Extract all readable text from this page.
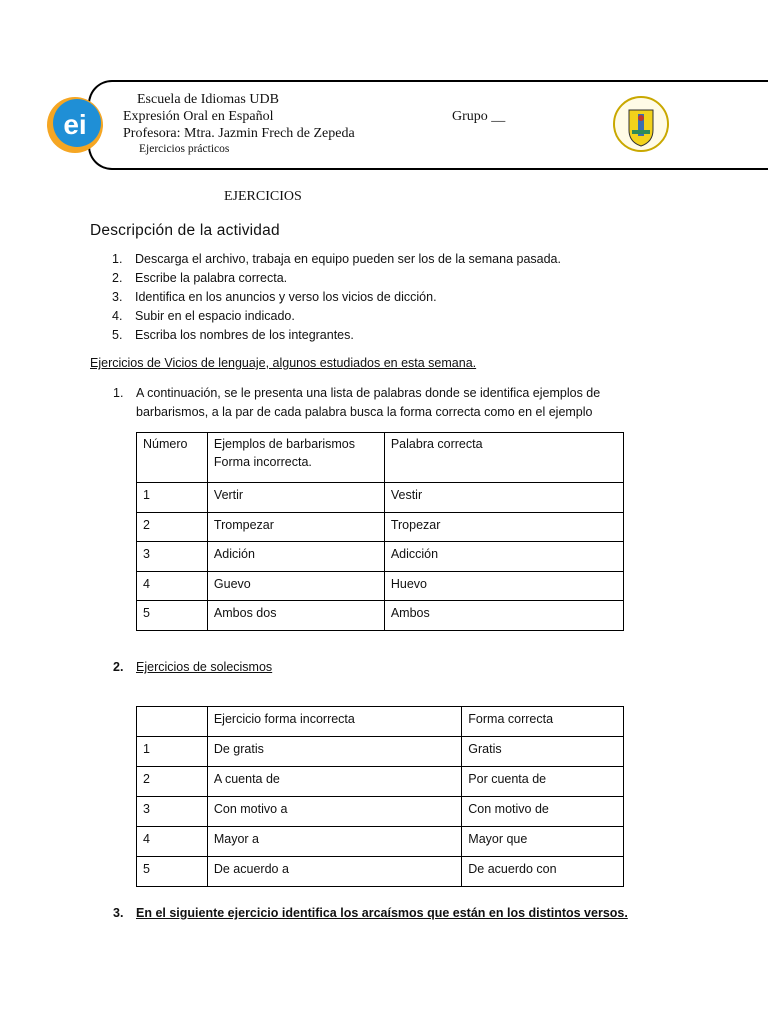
ei
Escuela de Idiomas UDB
Expresión Oral en Español
Profesora: Mtra. Jazmin Frech de Zepeda
Ejercicios prácticos
Grupo __
EJERCICIOS
Descripción de la actividad
1. Descarga el archivo, trabaja en equipo pueden ser los de la semana pasada.
2. Escribe la palabra correcta.
3. Identifica en los anuncios y verso los vicios de dicción.
4. Subir en el espacio indicado.
5. Escriba los nombres de los integrantes.
Ejercicios de Vicios de lenguaje, algunos estudiados en esta semana.
1. A continuación, se le presenta una lista de palabras donde se identifica ejemplos de barbarismos, a la par de cada palabra busca la forma correcta como en el ejemplo
Número	Ejemplos de barbarismos Forma incorrecta.	Palabra correcta
1	Vertir	Vestir
2	Trompezar	Tropezar
3	Adición	Adicción
4	Guevo	Huevo
5	Ambos dos	Ambos
2. Ejercicios de solecismos
	Ejercicio forma incorrecta	Forma correcta
1	De gratis	Gratis
2	A cuenta de	Por cuenta de
3	Con motivo a	Con motivo de
4	Mayor a	Mayor que
5	De acuerdo a	De acuerdo con
3. En el siguiente ejercicio identifica los arcaísmos que están en los distintos versos.
